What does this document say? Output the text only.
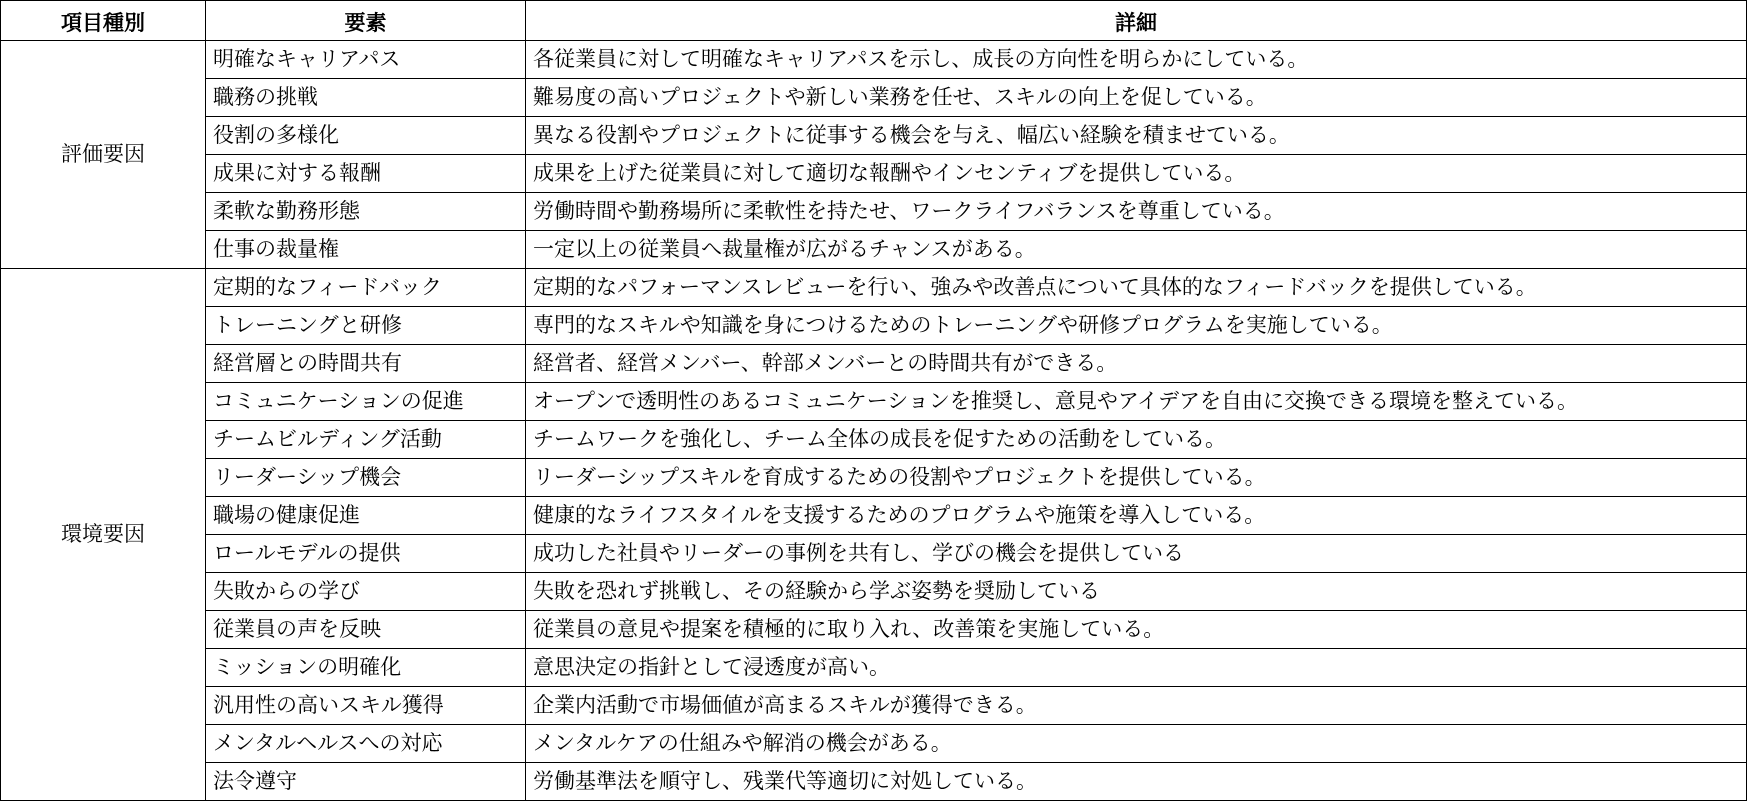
項目種別	要素	詳細
評価要因	明確なキャリアパス	各従業員に対して明確なキャリアパスを示し、成長の方向性を明らかにしている。
	職務の挑戦	難易度の高いプロジェクトや新しい業務を任せ、スキルの向上を促している。
	役割の多様化	異なる役割やプロジェクトに従事する機会を与え、幅広い経験を積ませている。
	成果に対する報酬	成果を上げた従業員に対して適切な報酬やインセンティブを提供している。
	柔軟な勤務形態	労働時間や勤務場所に柔軟性を持たせ、ワークライフバランスを尊重している。
	仕事の裁量権	一定以上の従業員へ裁量権が広がるチャンスがある。
環境要因	定期的なフィードバック	定期的なパフォーマンスレビューを行い、強みや改善点について具体的なフィードバックを提供している。
	トレーニングと研修	専門的なスキルや知識を身につけるためのトレーニングや研修プログラムを実施している。
	経営層との時間共有	経営者、経営メンバー、幹部メンバーとの時間共有ができる。
	コミュニケーションの促進	オープンで透明性のあるコミュニケーションを推奨し、意見やアイデアを自由に交換できる環境を整えている。
	チームビルディング活動	チームワークを強化し、チーム全体の成長を促すための活動をしている。
	リーダーシップ機会	リーダーシップスキルを育成するための役割やプロジェクトを提供している。
	職場の健康促進	健康的なライフスタイルを支援するためのプログラムや施策を導入している。
	ロールモデルの提供	成功した社員やリーダーの事例を共有し、学びの機会を提供している
	失敗からの学び	失敗を恐れず挑戦し、その経験から学ぶ姿勢を奨励している
	従業員の声を反映	従業員の意見や提案を積極的に取り入れ、改善策を実施している。
	ミッションの明確化	意思決定の指針として浸透度が高い。
	汎用性の高いスキル獲得	企業内活動で市場価値が高まるスキルが獲得できる。
	メンタルヘルスへの対応	メンタルケアの仕組みや解消の機会がある。
	法令遵守	労働基準法を順守し、残業代等適切に対処している。
